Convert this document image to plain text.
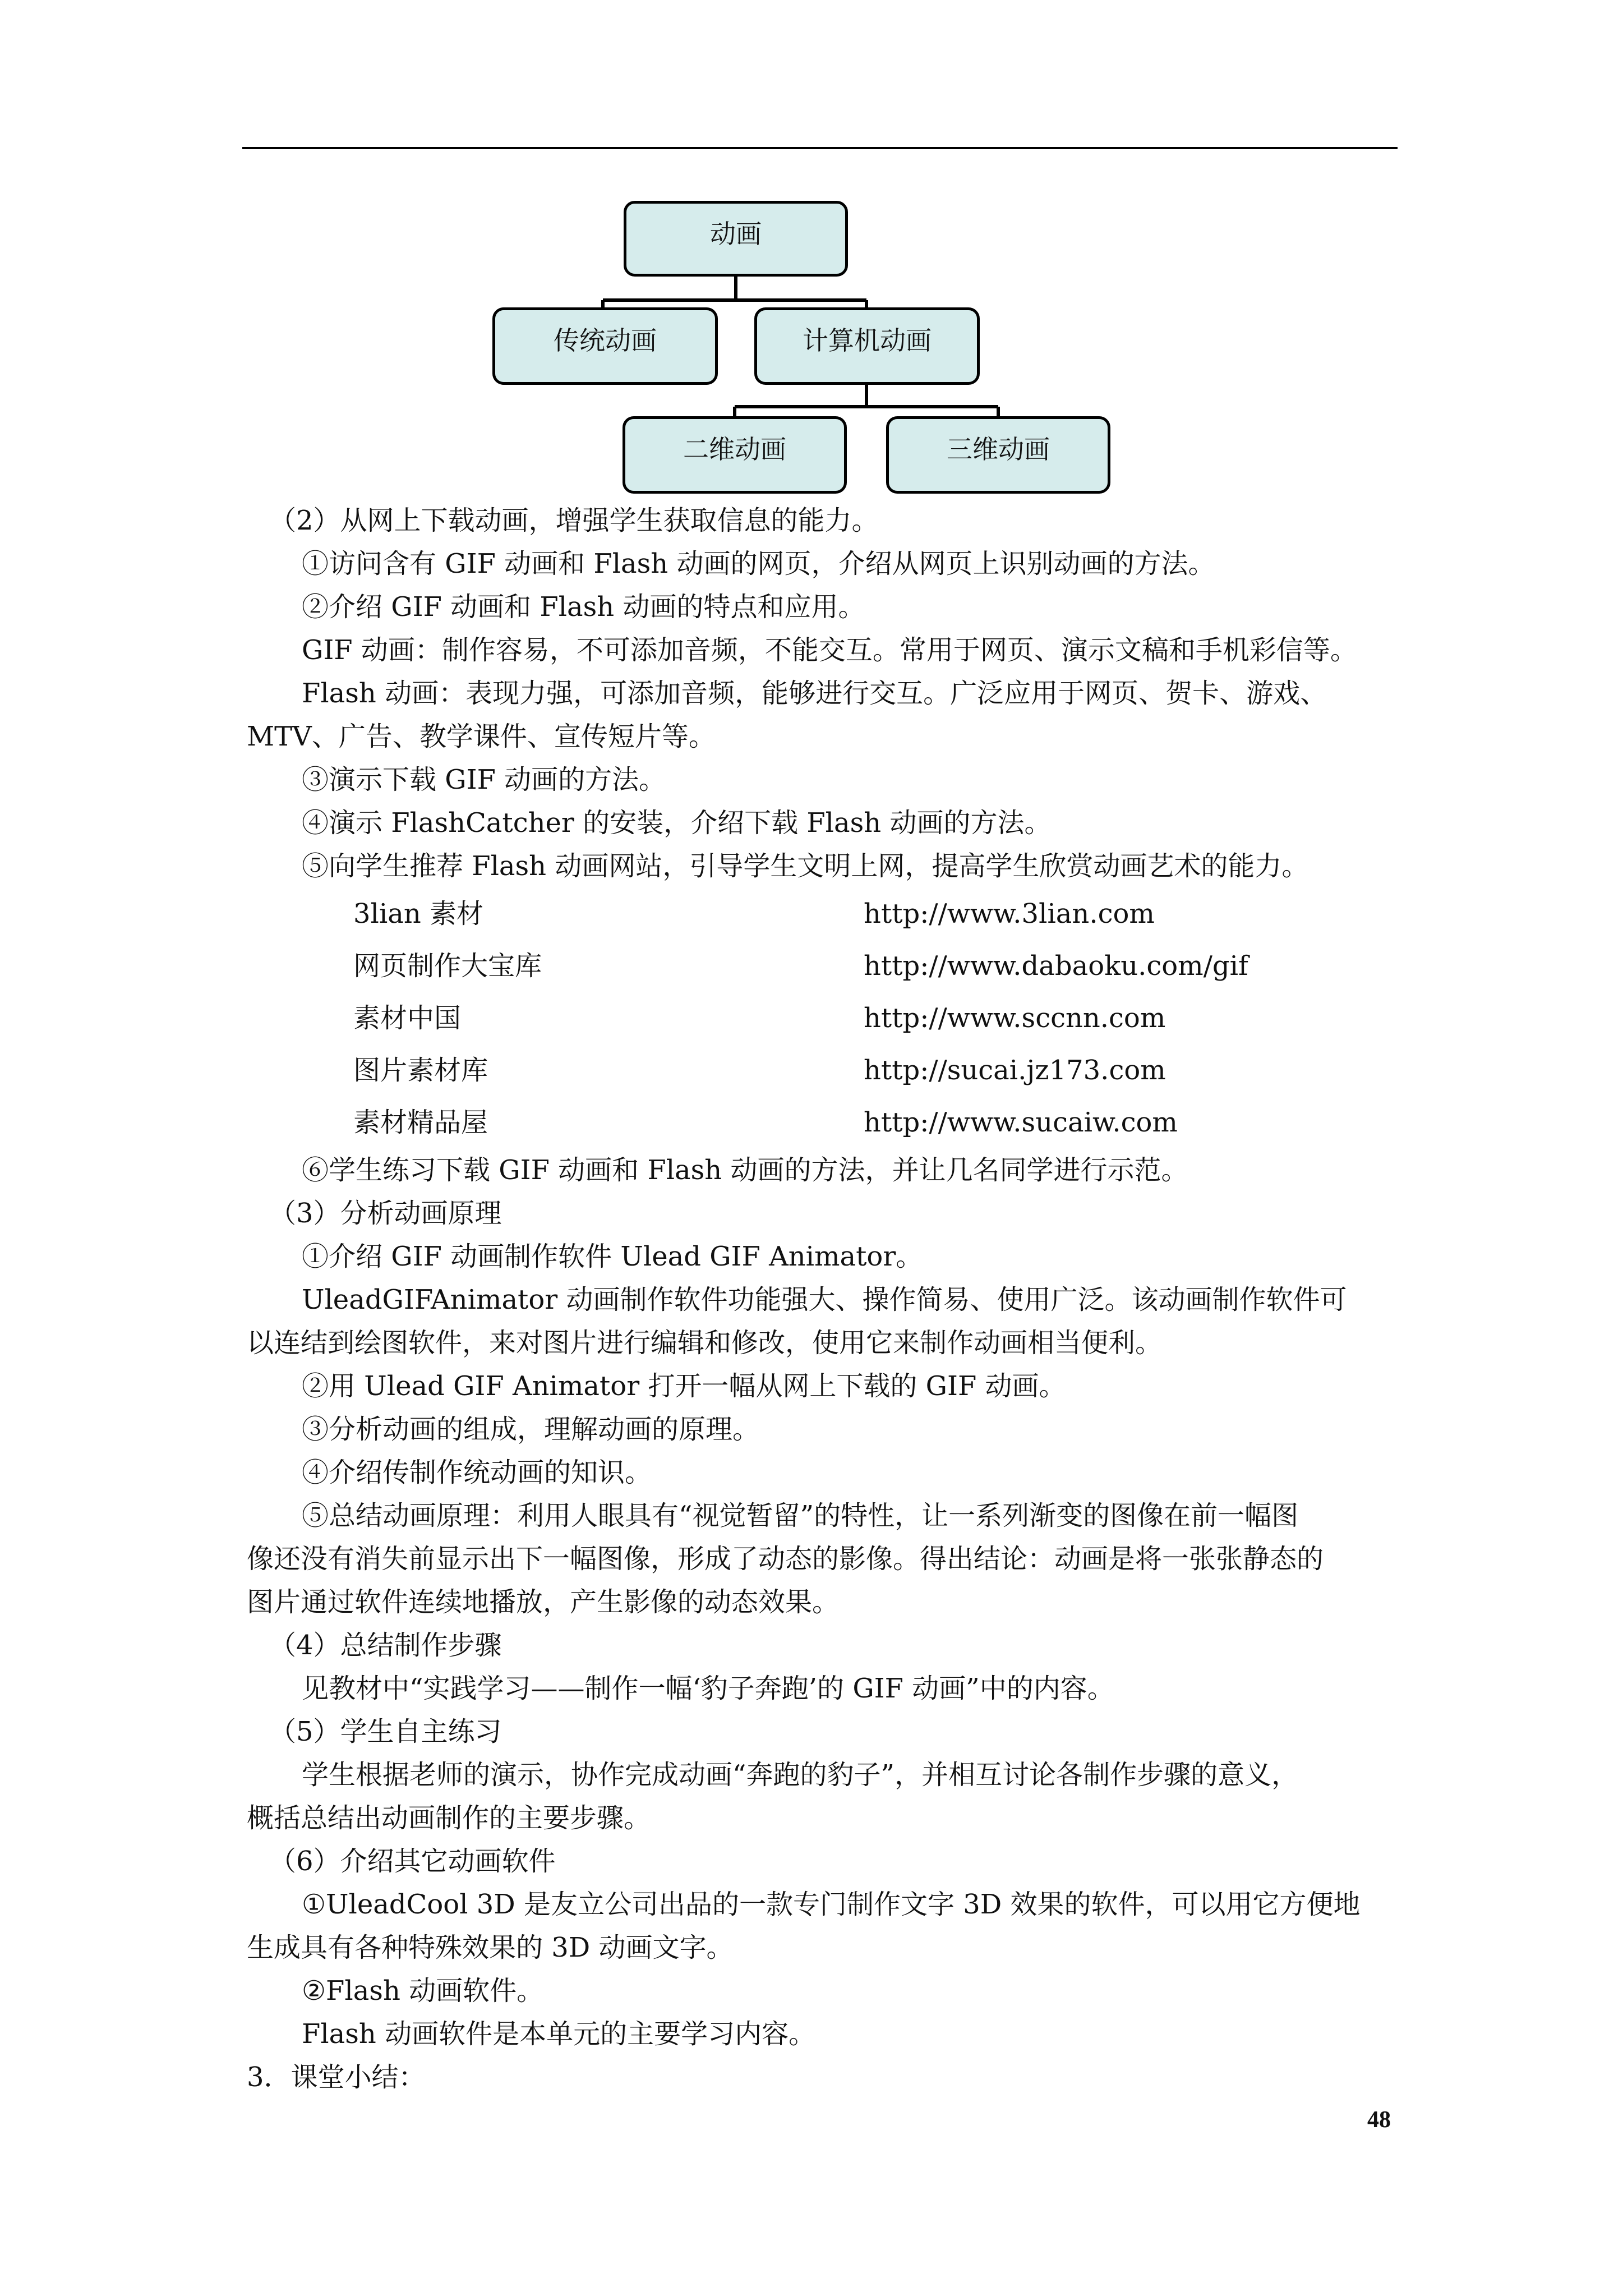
动画
传统动画	计算机动画
二维动画	三维动画
（2）从网上下载动画，增强学生获取信息的能力。
①访问含有 GIF 动画和 Flash 动画的网页，介绍从网页上识别动画的方法。
②介绍 GIF 动画和 Flash 动画的特点和应用。
GIF 动画：制作容易，不可添加音频，不能交互。常用于网页、演示文稿和手机彩信等。
Flash 动画：表现力强，可添加音频，能够进行交互。广泛应用于网页、贺卡、游戏、
MTV、广告、教学课件、宣传短片等。
③演示下载 GIF 动画的方法。
④演示 FlashCatcher 的安装，介绍下载 Flash 动画的方法。
⑤向学生推荐 Flash 动画网站，引导学生文明上网，提高学生欣赏动画艺术的能力。
3lian 素材	http://www.3lian.com
网页制作大宝库	http://www.dabaoku.com/gif
素材中国	http://www.sccnn.com
图片素材库	http://sucai.jz173.com
素材精品屋	http://www.sucaiw.com
⑥学生练习下载 GIF 动画和 Flash 动画的方法，并让几名同学进行示范。
（3）分析动画原理
①介绍 GIF 动画制作软件 Ulead GIF Animator。
UleadGIFAnimator 动画制作软件功能强大、操作简易、使用广泛。该动画制作软件可
以连结到绘图软件，来对图片进行编辑和修改，使用它来制作动画相当便利。
②用 Ulead GIF Animator 打开一幅从网上下载的 GIF 动画。
③分析动画的组成，理解动画的原理。
④介绍传制作统动画的知识。
⑤总结动画原理：利用人眼具有“视觉暂留”的特性，让一系列渐变的图像在前一幅图
像还没有消失前显示出下一幅图像，形成了动态的影像。得出结论：动画是将一张张静态的
图片通过软件连续地播放，产生影像的动态效果。
（4）总结制作步骤
见教材中“实践学习——制作一幅‘豹子奔跑’的 GIF 动画”中的内容。
（5）学生自主练习
学生根据老师的演示，协作完成动画“奔跑的豹子”，并相互讨论各制作步骤的意义，
概括总结出动画制作的主要步骤。
（6）介绍其它动画软件
①UleadCool 3D 是友立公司出品的一款专门制作文字 3D 效果的软件，可以用它方便地
生成具有各种特殊效果的 3D 动画文字。
②Flash 动画软件。
Flash 动画软件是本单元的主要学习内容。
3．课堂小结：
48
